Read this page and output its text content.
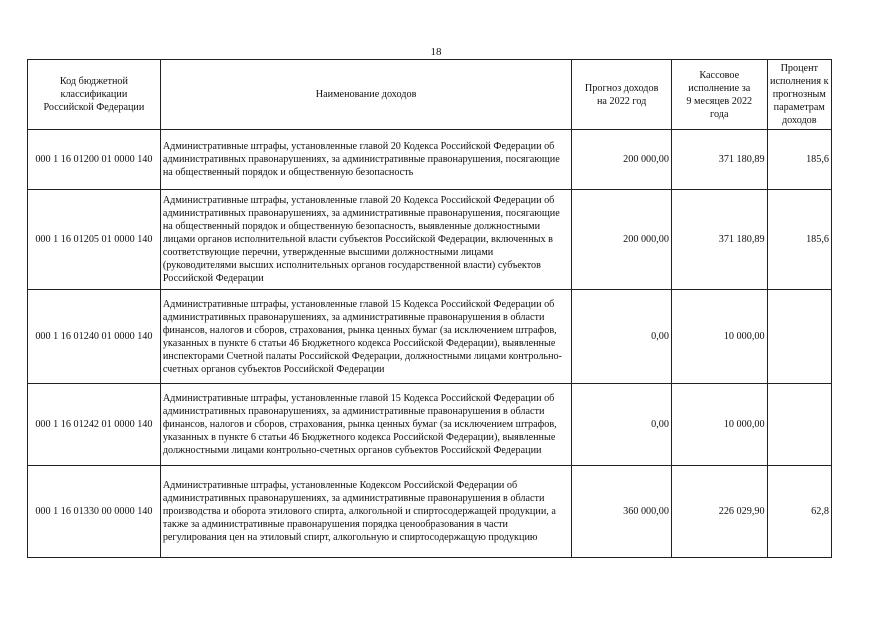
18
Код бюджетной классификации Российской Федерации	Наименование доходов	Прогноз доходов на 2022 год	Кассовое исполнение за 9 месяцев 2022 года	Процент исполнения к прогнозным параметрам доходов
000 1 16 01200 01 0000 140	Административные штрафы, установленные главой 20 Кодекса Российской Федерации об административных правонарушениях, за административные правонарушения, посягающие на общественный порядок и общественную безопасность	200 000,00	371 180,89	185,6
000 1 16 01205 01 0000 140	Административные штрафы, установленные главой 20 Кодекса Российской Федерации об административных правонарушениях, за административные правонарушения, посягающие на общественный порядок и общественную безопасность, выявленные должностными лицами органов исполнительной власти субъектов Российской Федерации, включенных в соответствующие перечни, утвержденные высшими должностными лицами (руководителями высших исполнительных органов государственной власти) субъектов Российской Федерации	200 000,00	371 180,89	185,6
000 1 16 01240 01 0000 140	Административные штрафы, установленные главой 15 Кодекса Российской Федерации об административных правонарушениях, за административные правонарушения в области финансов, налогов и сборов, страхования, рынка ценных бумаг (за исключением штрафов, указанных в пункте 6 статьи 46 Бюджетного кодекса Российской Федерации), выявленные инспекторами Счетной палаты Российской Федерации, должностными лицами контрольно-счетных органов субъектов Российской Федерации	0,00	10 000,00	
000 1 16 01242 01 0000 140	Административные штрафы, установленные главой 15 Кодекса Российской Федерации об административных правонарушениях, за административные правонарушения в области финансов, налогов и сборов, страхования, рынка ценных бумаг (за исключением штрафов, указанных в пункте 6 статьи 46 Бюджетного кодекса Российской Федерации), выявленные должностными лицами контрольно-счетных органов субъектов Российской Федерации	0,00	10 000,00	
000 1 16 01330 00 0000 140	Административные штрафы, установленные Кодексом Российской Федерации об административных правонарушениях, за административные правонарушения в области производства и оборота этилового спирта, алкогольной и спиртосодержащей продукции, а также за административные правонарушения порядка ценообразования в части регулирования цен на этиловый спирт, алкогольную и спиртосодержащую продукцию	360 000,00	226 029,90	62,8
